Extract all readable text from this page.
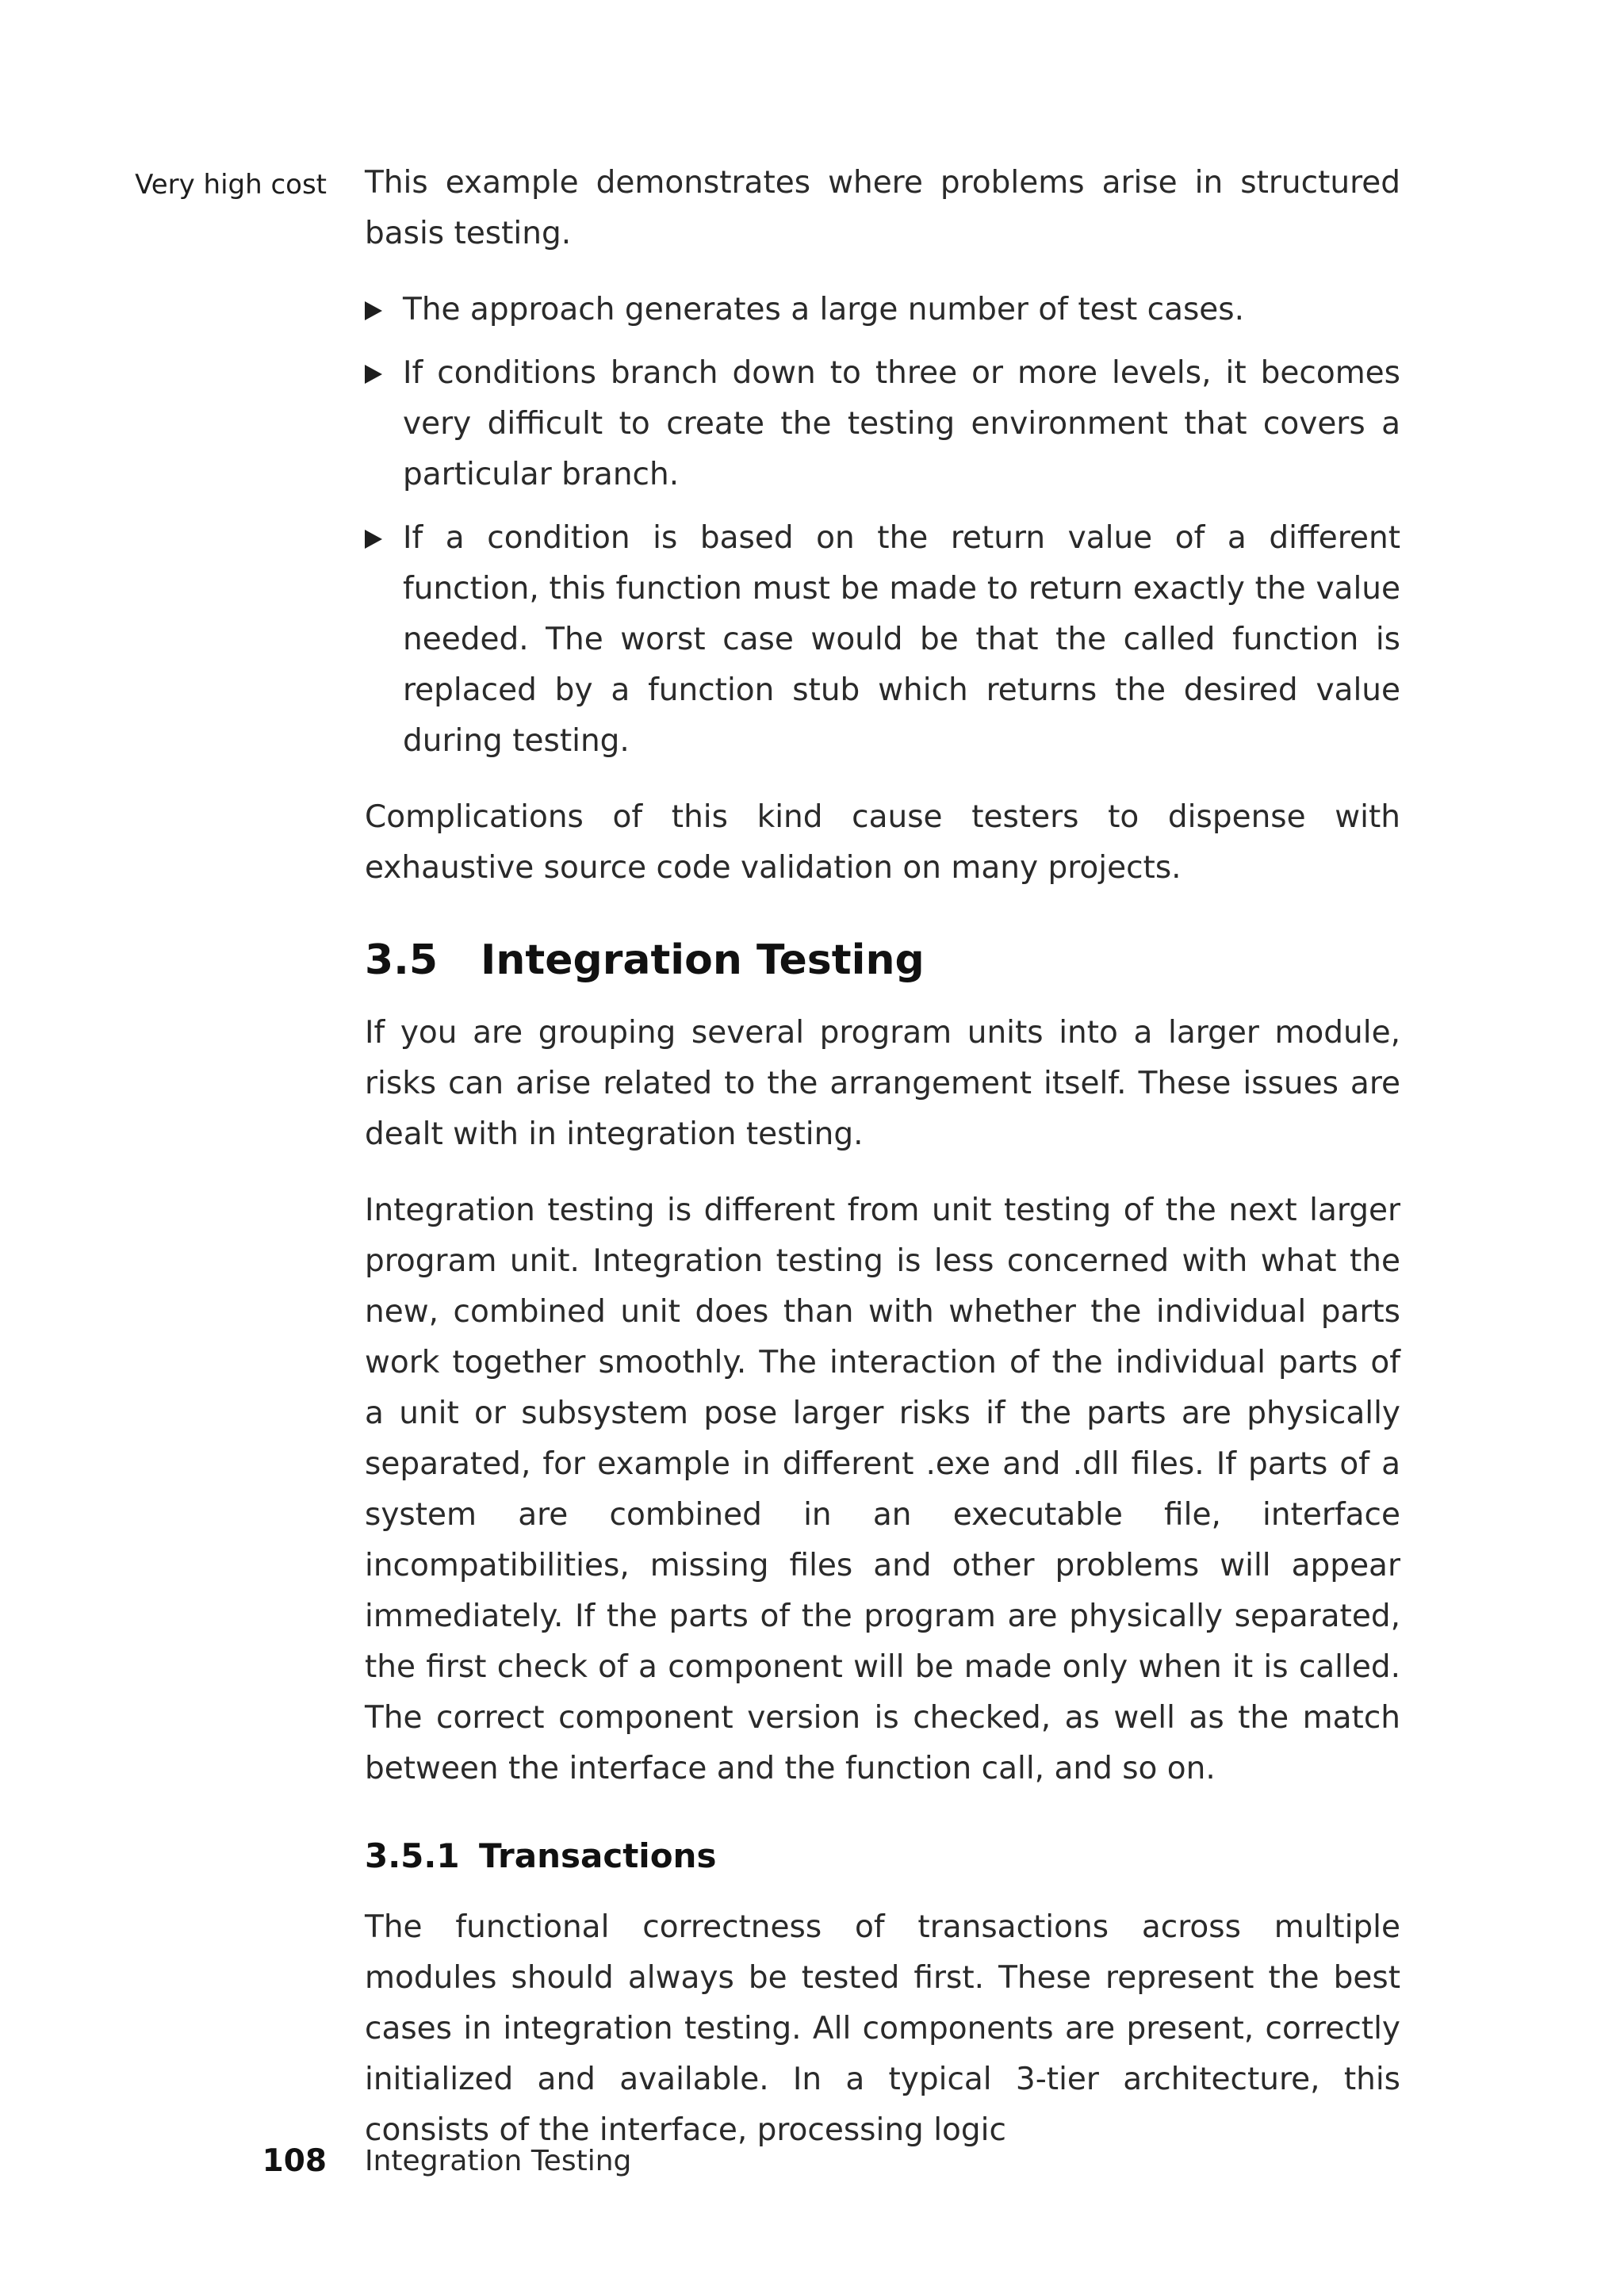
Very high cost This example demonstrates where problems arise in structured basis testing.

The approach generates a large number of test cases.
If conditions branch down to three or more levels, it becomes very difficult to create the testing environment that covers a particular branch.
If a condition is based on the return value of a different function, this function must be made to return exactly the value needed. The worst case would be that the called function is replaced by a function stub which returns the desired value during testing.

Complications of this kind cause testers to dispense with exhaustive source code validation on many projects.

3.5 Integration Testing

If you are grouping several program units into a larger module, risks can arise related to the arrangement itself. These issues are dealt with in integration testing.

Integration testing is different from unit testing of the next larger program unit. Integration testing is less concerned with what the new, combined unit does than with whether the individual parts work together smoothly. The interaction of the individual parts of a unit or subsystem pose larger risks if the parts are physically separated, for example in different .exe and .dll files. If parts of a system are combined in an executable file, interface incompatibilities, missing files and other problems will appear immediately. If the parts of the program are physically separated, the first check of a component will be made only when it is called. The correct component version is checked, as well as the match between the interface and the function call, and so on.

3.5.1 Transactions

The functional correctness of transactions across multiple modules should always be tested first. These represent the best cases in integration testing. All components are present, correctly initialized and available. In a typical 3-tier architecture, this consists of the interface, processing logic

108 Integration Testing
